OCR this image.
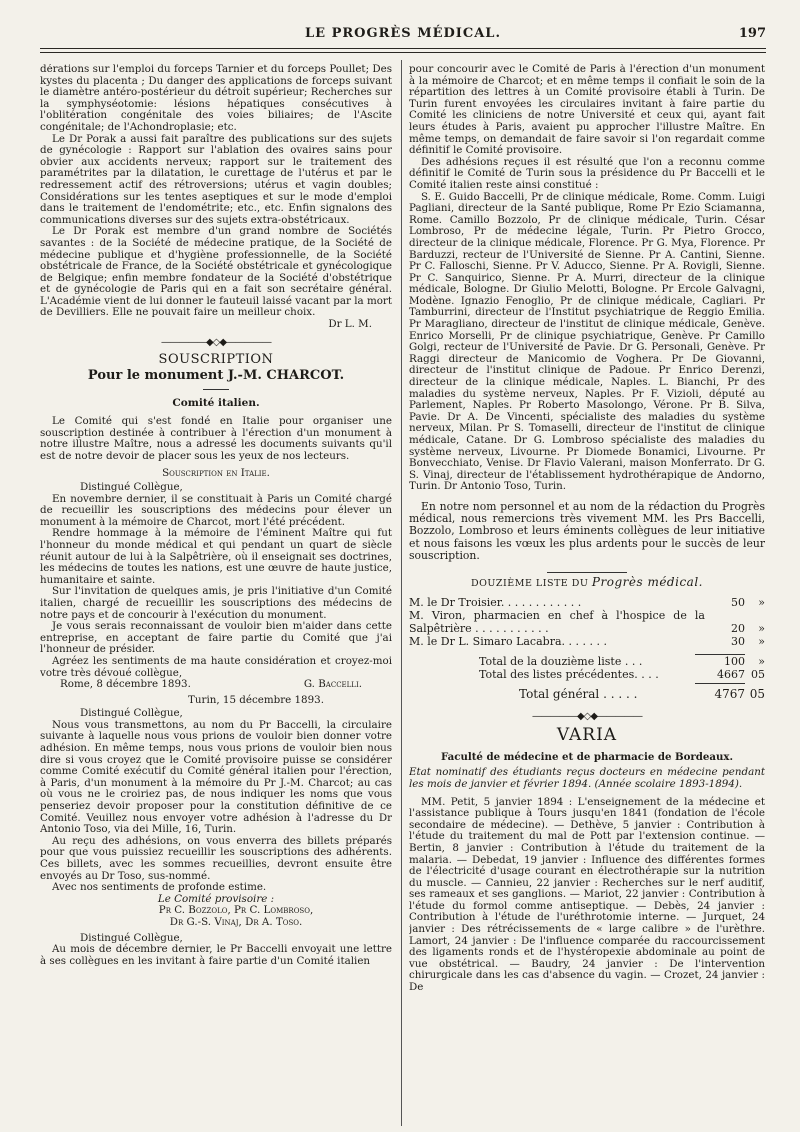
LE PROGRÈS MÉDICAL.	197

dérations sur l'emploi du forceps Tarnier et du forceps Poullet; Des kystes du placenta ; Du danger des applications de forceps suivant le diamètre antéro-postérieur du détroit supérieur; Recherches sur la symphyséotomie: lésions hépatiques consécutives à l'oblitération congénitale des voies biliaires; de l'Ascite congénitale; de l'Achondroplasie; etc.

Le Dr Porak a aussi fait paraître des publications sur des sujets de gynécologie : Rapport sur l'ablation des ovaires sains pour obvier aux accidents nerveux; rapport sur le traitement des paramétrites par la dilatation, le curettage de l'utérus et par le redressement actif des rétroversions; utérus et vagin doubles; Considérations sur les tentes aseptiques et sur le mode d'emploi dans le traitement de l'endométrite; etc., etc. Enfin signalons des communications diverses sur des sujets extra-obstétricaux.

Le Dr Porak est membre d'un grand nombre de Sociétés savantes : de la Société de médecine pratique, de la Société de médecine publique et d'hygiène professionnelle, de la Société obstétricale de France, de la Société obstétricale et gynécologique de Belgique; enfin membre fondateur de la Société d'obstétrique et de gynécologie de Paris qui en a fait son secrétaire général. L'Académie vient de lui donner le fauteuil laissé vacant par la mort de Devilliers. Elle ne pouvait faire un meilleur choix.

Dr L. M.
—————◆◇◆—————
SOUSCRIPTION
Pour le monument J.-M. CHARCOT.
Comité italien.

Le Comité qui s'est fondé en Italie pour organiser une souscription destinée à contribuer à l'érection d'un monument à notre illustre Maître, nous a adressé les documents suivants qu'il est de notre devoir de placer sous les yeux de nos lecteurs.

Souscription en Italie.

Distingué Collègue,

En novembre dernier, il se constituait à Paris un Comité chargé de recueillir les souscriptions des médecins pour élever un monument à la mémoire de Charcot, mort l'été précédent.

Rendre hommage à la mémoire de l'éminent Maître qui fut l'honneur du monde médical et qui pendant un quart de siècle réunit autour de lui à la Salpêtrière, où il enseignait ses doctrines, les médecins de toutes les nations, est une œuvre de haute justice, humanitaire et sainte.

Sur l'invitation de quelques amis, je pris l'initiative d'un Comité italien, chargé de recueillir les souscriptions des médecins de notre pays et de concourir à l'exécution du monument.

Je vous serais reconnaissant de vouloir bien m'aider dans cette entreprise, en acceptant de faire partie du Comité que j'ai l'honneur de présider.

Agréez les sentiments de ma haute considération et croyez-moi votre très dévoué collègue,

Rome, 8 décembre 1893.	G. Baccelli.
Turin, 15 décembre 1893.

Distingué Collègue,

Nous vous transmettons, au nom du Pr Baccelli, la circulaire suivante à laquelle nous vous prions de vouloir bien donner votre adhésion. En même temps, nous vous prions de vouloir bien nous dire si vous croyez que le Comité provisoire puisse se considérer comme Comité exécutif du Comité général italien pour l'érection, à Paris, d'un monument à la mémoire du Pr J.-M. Charcot; au cas où vous ne le croiriez pas, de nous indiquer les noms que vous penseriez devoir proposer pour la constitution définitive de ce Comité. Veuillez nous envoyer votre adhésion à l'adresse du Dr Antonio Toso, via dei Mille, 16, Turin.

Au reçu des adhésions, on vous enverra des billets préparés pour que vous puissiez recueillir les souscriptions des adhérents. Ces billets, avec les sommes recueillies, devront ensuite être envoyés au Dr Toso, sus-nommé.

Avec nos sentiments de profonde estime.

Le Comité provisoire :
Pr C. Bozzolo, Pr C. Lombroso,
Dr G.-S. Vinaj, Dr A. Toso.

Distingué Collègue,

Au mois de décembre dernier, le Pr Baccelli envoyait une lettre à ses collègues en les invitant à faire partie d'un Comité italien

pour concourir avec le Comité de Paris à l'érection d'un monument à la mémoire de Charcot; et en même temps il confiait le soin de la répartition des lettres à un Comité provisoire établi à Turin. De Turin furent envoyées les circulaires invitant à faire partie du Comité les cliniciens de notre Université et ceux qui, ayant fait leurs études à Paris, avaient pu approcher l'illustre Maître. En même temps, on demandait de faire savoir si l'on regardait comme définitif le Comité provisoire.

Des adhésions reçues il est résulté que l'on a reconnu comme définitif le Comité de Turin sous la présidence du Pr Baccelli et le Comité italien reste ainsi constitué :

S. E. Guido Baccelli, Pr de clinique médicale, Rome. Comm. Luigi Pagliani, directeur de la Santé publique, Rome Pr Ezio Sciamanna, Rome. Camillo Bozzolo, Pr de clinique médicale, Turin. César Lombroso, Pr de médecine légale, Turin. Pr Pietro Grocco, directeur de la clinique médicale, Florence. Pr G. Mya, Florence. Pr Barduzzi, recteur de l'Université de Sienne. Pr A. Cantini, Sienne. Pr C. Falloschi, Sienne. Pr V. Aducco, Sienne. Pr A. Rovigli, Sienne. Pr C. Sanquirico, Sienne. Pr A. Murri, directeur de la clinique médicale, Bologne. Dr Giulio Melotti, Bologne. Pr Ercole Galvagni, Modène. Ignazio Fenoglio, Pr de clinique médicale, Cagliari. Pr Tamburrini, directeur de l'Institut psychiatrique de Reggio Emilia. Pr Maragliano, directeur de l'institut de clinique médicale, Genève. Enrico Morselli, Pr de clinique psychiatrique, Genève. Pr Camillo Golgi, recteur de l'Université de Pavie. Dr G. Personali, Genève. Pr Raggi directeur de Manicomio de Voghera. Pr De Giovanni, directeur de l'institut clinique de Padoue. Pr Enrico Derenzi, directeur de la clinique médicale, Naples. L. Bianchi, Pr des maladies du système nerveux, Naples. Pr F. Vizioli, député au Parlement, Naples. Pr Roberto Masolongo, Vérone. Pr B. Silva, Pavie. Dr A. De Vincenti, spécialiste des maladies du système nerveux, Milan. Pr S. Tomaselli, directeur de l'institut de clinique médicale, Catane. Dr G. Lombroso spécialiste des maladies du système nerveux, Livourne. Pr Diomede Bonamici, Livourne. Pr Bonvecchiato, Venise. Dr Flavio Valerani, maison Monferrato. Dr G. S. Vinaj, directeur de l'établissement hydrothérapique de Andorno, Turin. Dr Antonio Toso, Turin.

En notre nom personnel et au nom de la rédaction du Progrès médical, nous remercions très vivement MM. les Prs Baccelli, Bozzolo, Lombroso et leurs éminents collègues de leur initiative et nous faisons les vœux les plus ardents pour le succès de leur souscription.

DOUZIÈME LISTE DU Progrès médical.
M. le Dr Troisier. . . . . . . . . . . .	50	»
M. Viron, pharmacien en chef à l'hospice de la Salpêtrière . . . . . . . . . . .	20	»
M. le Dr L. Simaro Lacabra. . . . . . .	30	»
Total de la douzième liste . . .	100	»
Total des listes précédentes. . . .	4667 05
Total général . . . . .	4767 05
—————◆◇◆—————
VARIA
Faculté de médecine et de pharmacie de Bordeaux.

Etat nominatif des étudiants reçus docteurs en médecine pendant les mois de janvier et février 1894. (Année scolaire 1893-1894).

MM. Petit, 5 janvier 1894 : L'enseignement de la médecine et l'assistance publique à Tours jusqu'en 1841 (fondation de l'école secondaire de médecine). — Dethève, 5 janvier : Contribution à l'étude du traitement du mal de Pott par l'extension continue. — Bertin, 8 janvier : Contribution à l'étude du traitement de la malaria. — Debedat, 19 janvier : Influence des différentes formes de l'électricité d'usage courant en électrothérapie sur la nutrition du muscle. — Cannieu, 22 janvier : Recherches sur le nerf auditif, ses rameaux et ses ganglions. — Mariot, 22 janvier : Contribution à l'étude du formol comme antiseptique. — Debès, 24 janvier : Contribution à l'étude de l'uréthrotomie interne. — Jurquet, 24 janvier : Des rétrécissements de « large calibre » de l'urèthre. Lamort, 24 janvier : De l'influence comparée du raccourcissement des ligaments ronds et de l'hystéropexie abdominale au point de vue obstétrical. — Baudry, 24 janvier : De l'intervention chirurgicale dans les cas d'absence du vagin. — Crozet, 24 janvier : De
